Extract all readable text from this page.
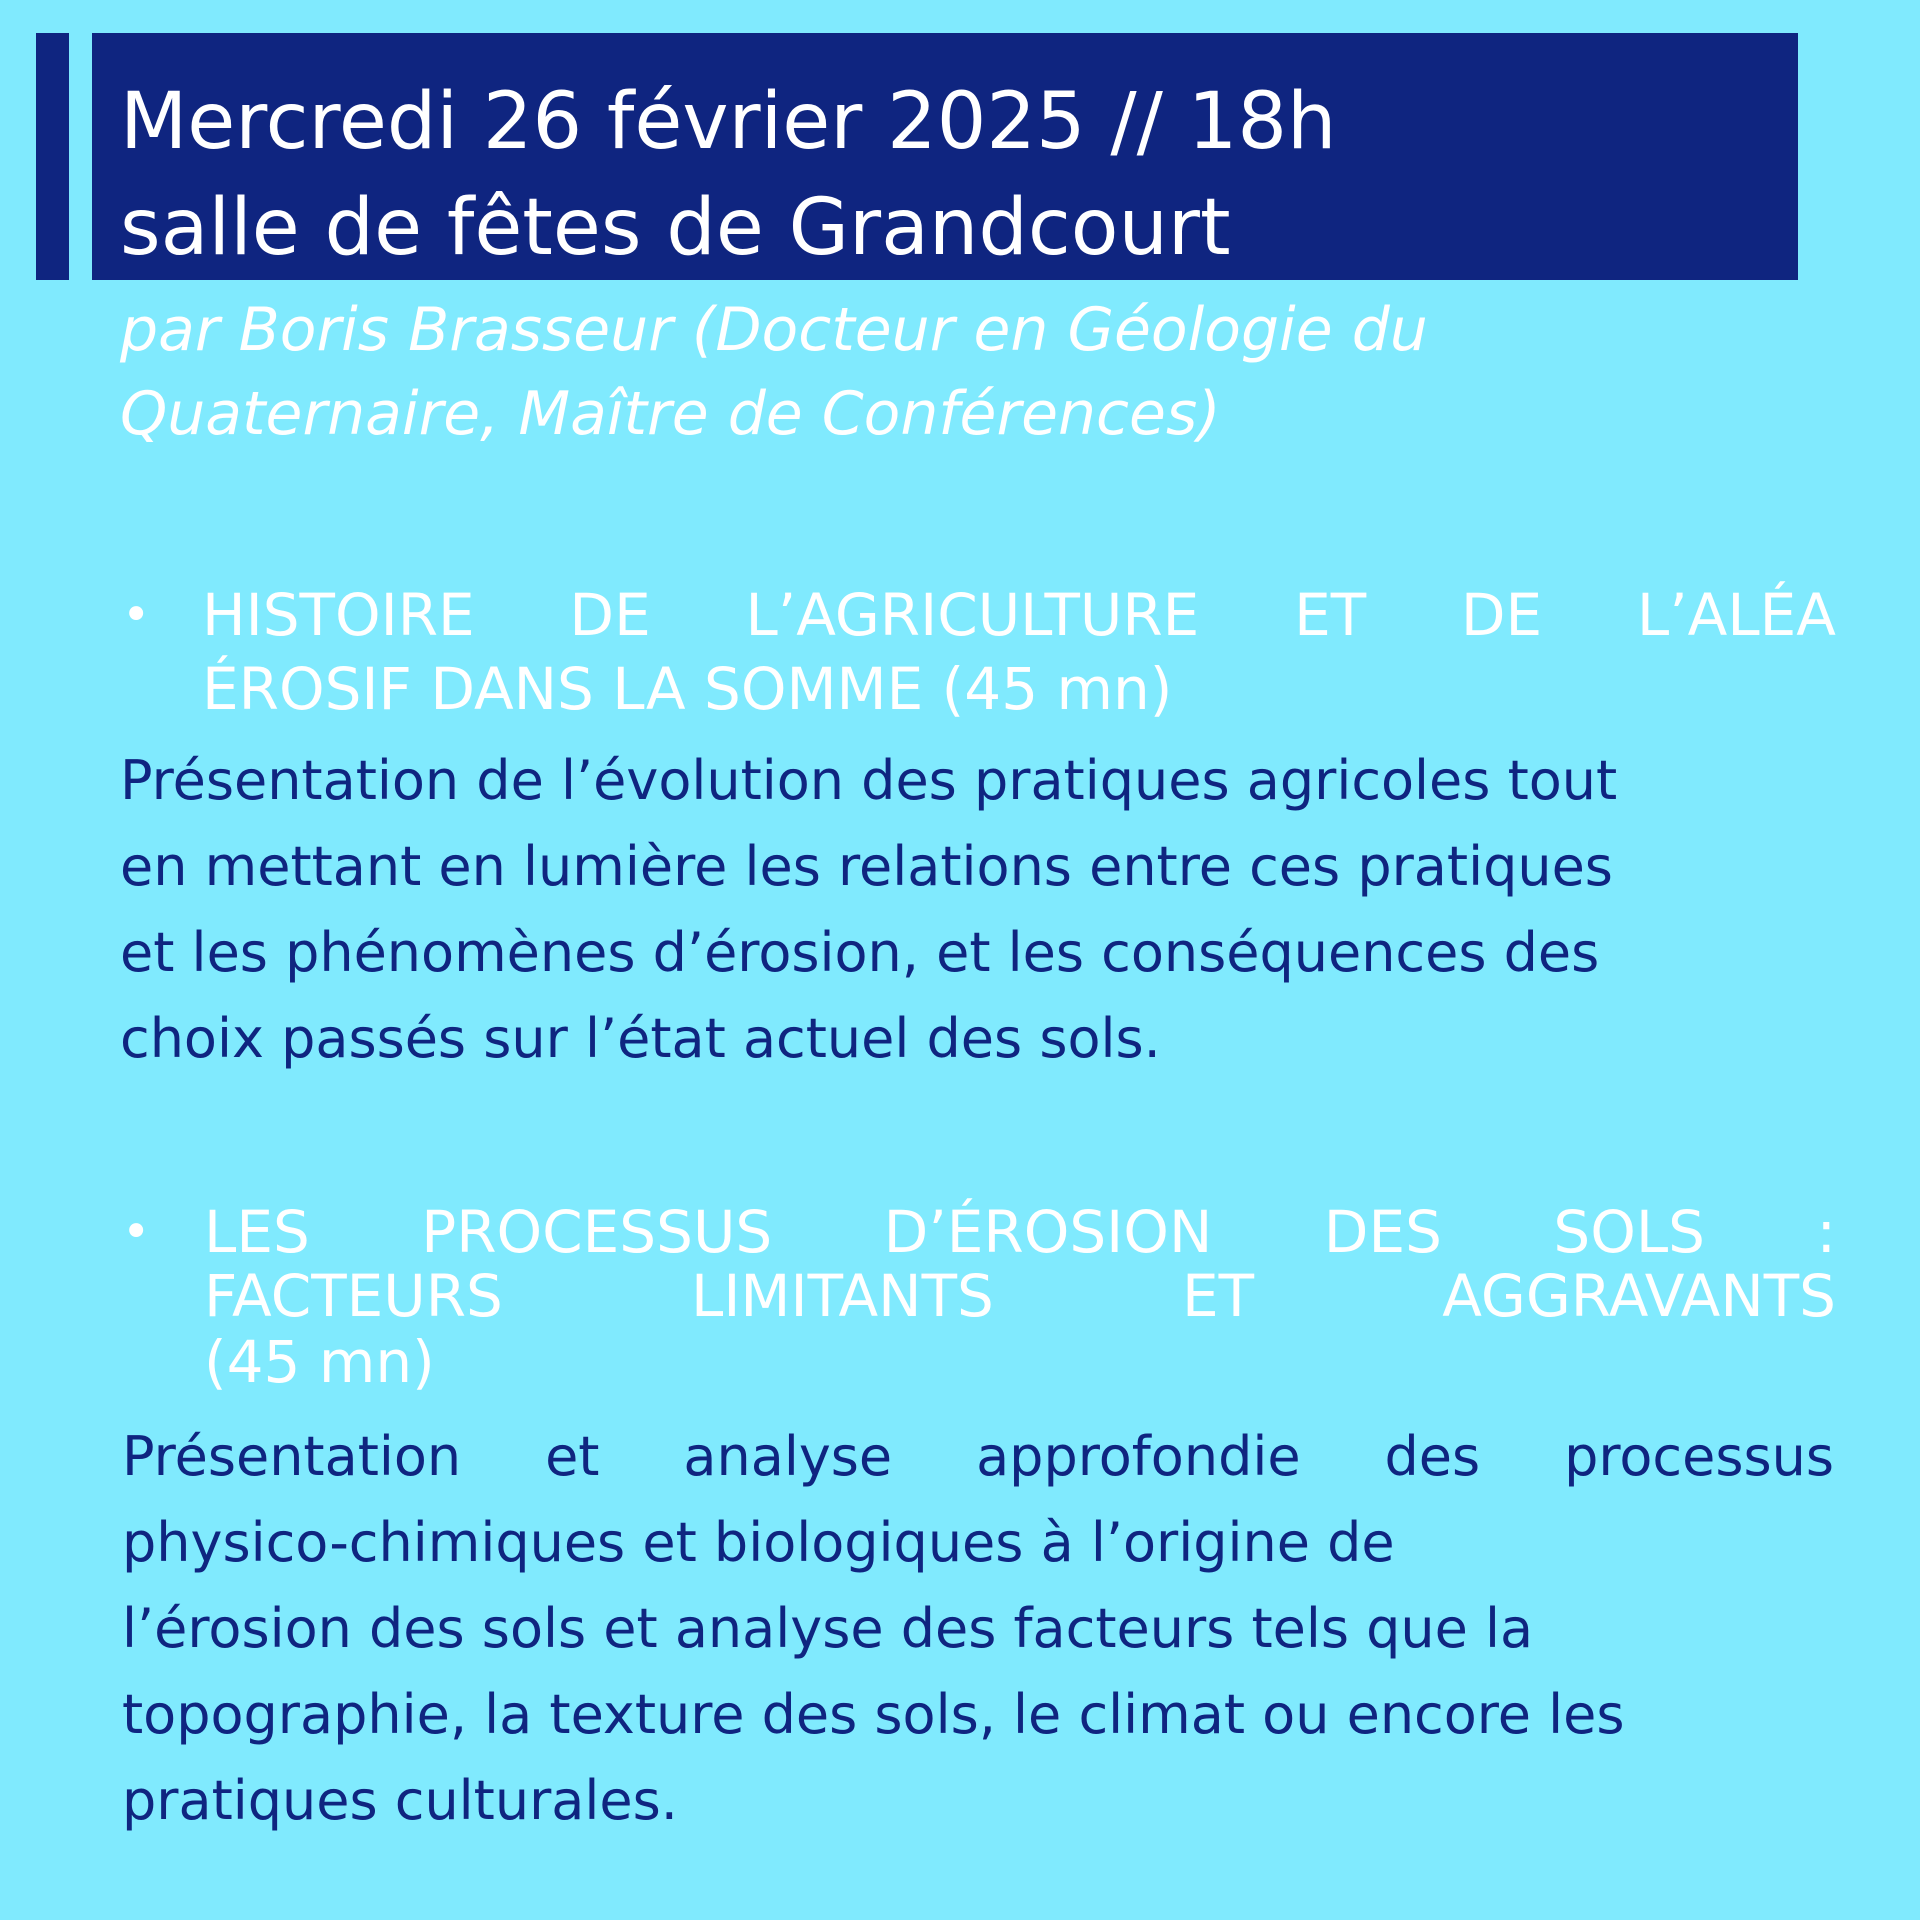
Mercredi 26 février 2025 // 18h
salle de fêtes de Grandcourt
par Boris Brasseur (Docteur en Géologie du
Quaternaire, Maître de Conférences)
• HISTOIRE DE L’AGRICULTURE ET DE L’ALÉA
ÉROSIF DANS LA SOMME (45 mn)
Présentation de l’évolution des pratiques agricoles tout
en mettant en lumière les relations entre ces pratiques
et les phénomènes d’érosion, et les conséquences des
choix passés sur l’état actuel des sols.
• LES PROCESSUS D’ÉROSION DES SOLS :
FACTEURS	LIMITANTS	ET	AGGRAVANTS
(45 mn)
Présentation et analyse approfondie des processus
physico-chimiques et biologiques à l’origine de
l’érosion des sols et analyse des facteurs tels que la
topographie, la texture des sols, le climat ou encore les
pratiques culturales.
